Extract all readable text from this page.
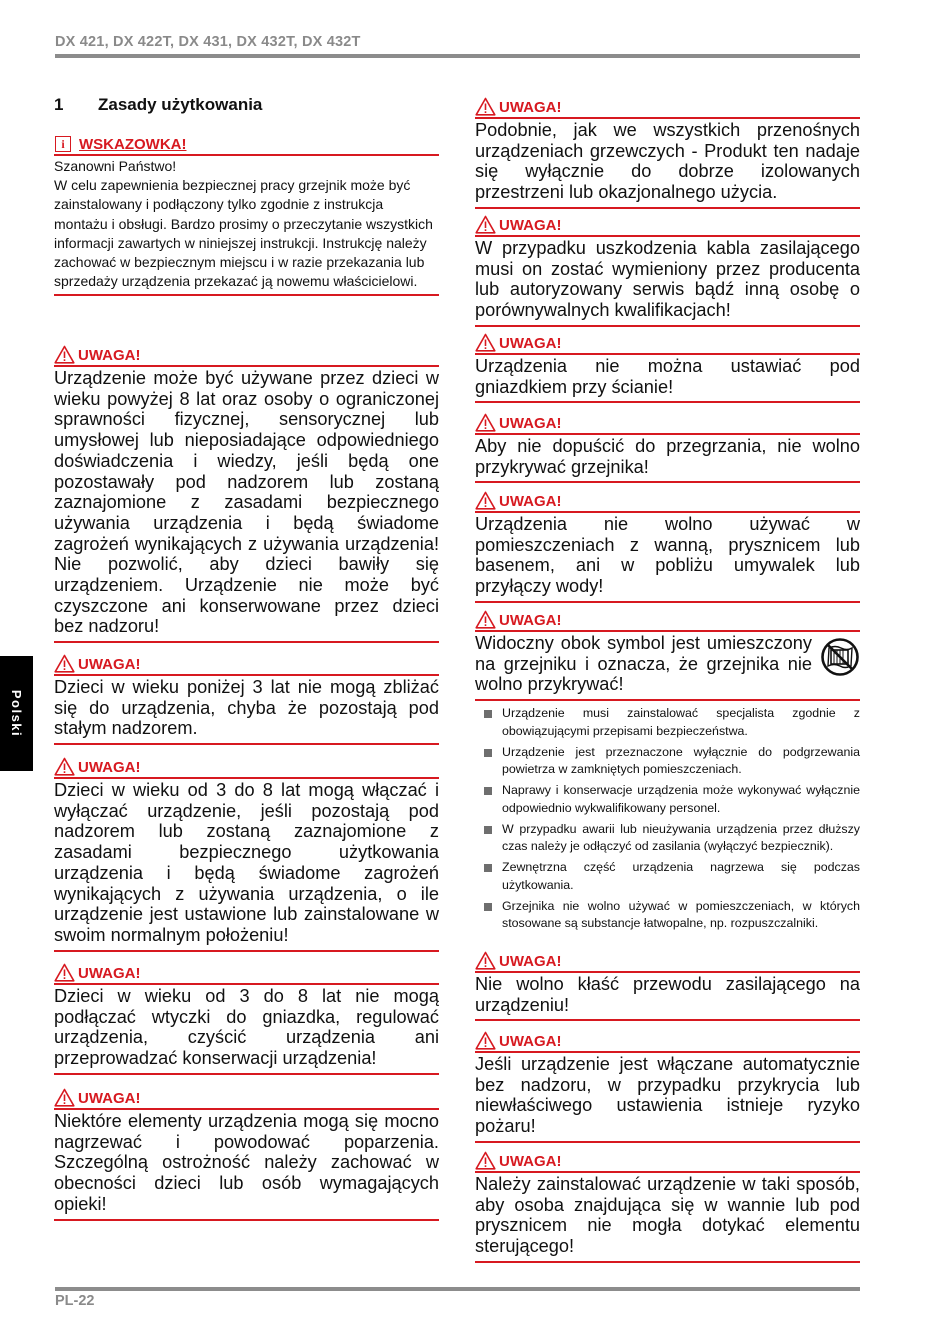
DX 421, DX 422T, DX 431, DX 432T, DX 432T
Polski
1 Zasady użytkowania
i WSKAZOWKA!
Szanowni Państwo!
W celu zapewnienia bezpiecznej pracy grzejnik może być zainstalowany i podłączony tylko zgodnie z instrukcja montażu i obsługi. Bardzo prosimy o przeczytanie wszystkich informacji zawartych w niniejszej instrukcji. Instrukcję należy zachować w bezpiecznym miejscu i w razie przekazania lub sprzedaży urządzenia przekazać ją nowemu właścicielowi.
UWAGA!
Urządzenie może być używane przez dzieci w wieku powyżej 8 lat oraz osoby o ograniczonej sprawności fizycznej, sensorycznej lub umysłowej lub nieposiadające odpowiedniego doświadczenia i wiedzy, jeśli będą one pozostawały pod nadzorem lub zostaną zaznajomione z zasadami bezpiecznego używania urządzenia i będą świadome zagrożeń wynikających z używania urządzenia! Nie pozwolić, aby dzieci bawiły się urządzeniem. Urządzenie nie może być czyszczone ani konserwowane przez dzieci bez nadzoru!
UWAGA!
Dzieci w wieku poniżej 3 lat nie mogą zbliżać się do urządzenia, chyba że pozostają pod stałym nadzorem.
UWAGA!
Dzieci w wieku od 3 do 8 lat mogą włączać i wyłączać urządzenie, jeśli pozostają pod nadzorem lub zostaną zaznajomione z zasadami bezpiecznego użytkowania urządzenia i będą świadome zagrożeń wynikających z używania urządzenia, o ile urządzenie jest ustawione lub zainstalowane w swoim normalnym położeniu!
UWAGA!
Dzieci w wieku od 3 do 8 lat nie mogą podłączać wtyczki do gniazdka, regulować urządzenia, czyścić urządzenia ani przeprowadzać konserwacji urządzenia!
UWAGA!
Niektóre elementy urządzenia mogą się mocno nagrzewać i powodować poparzenia. Szczególną ostrożność należy zachować w obecności dzieci lub osób wymagających opieki!
UWAGA!
Podobnie, jak we wszystkich przenośnych urządzeniach grzewczych - Produkt ten nadaje się wyłącznie do dobrze izolowanych przestrzeni lub okazjonalnego użycia.
UWAGA!
W przypadku uszkodzenia kabla zasilającego musi on zostać wymieniony przez producenta lub autoryzowany serwis bądź inną osobę o porównywalnych kwalifikacjach!
UWAGA!
Urządzenia nie można ustawiać pod gniazdkiem przy ścianie!
UWAGA!
Aby nie dopuścić do przegrzania, nie wolno przykrywać grzejnika!
UWAGA!
Urządzenia nie wolno używać w pomieszczeniach z wanną, prysznicem lub basenem, ani w pobliżu umywalek lub przyłączy wody!
UWAGA!
Widoczny obok symbol jest umieszczony na grzejniku i oznacza, że grzejnika nie wolno przykrywać!
Urządzenie musi zainstalować specjalista zgodnie z obowiązującymi przepisami bezpieczeństwa.
Urządzenie jest przeznaczone wyłącznie do podgrzewania powietrza w zamkniętych pomieszczeniach.
Naprawy i konserwacje urządzenia może wykonywać wyłącznie odpowiednio wykwalifikowany personel.
W przypadku awarii lub nieużywania urządzenia przez dłuższy czas należy je odłączyć od zasilania (wyłączyć bezpiecznik).
Zewnętrzna część urządzenia nagrzewa się podczas użytkowania.
Grzejnika nie wolno używać w pomieszczeniach, w których stosowane są substancje łatwopalne, np. rozpuszczalniki.
UWAGA!
Nie wolno kłaść przewodu zasilającego na urządzeniu!
UWAGA!
Jeśli urządzenie jest włączane automatycznie bez nadzoru, w przypadku przykrycia lub niewłaściwego ustawienia istnieje ryzyko pożaru!
UWAGA!
Należy zainstalować urządzenie w taki sposób, aby osoba znajdująca się w wannie lub pod prysznicem nie mogła dotykać elementu sterującego!
PL-22
